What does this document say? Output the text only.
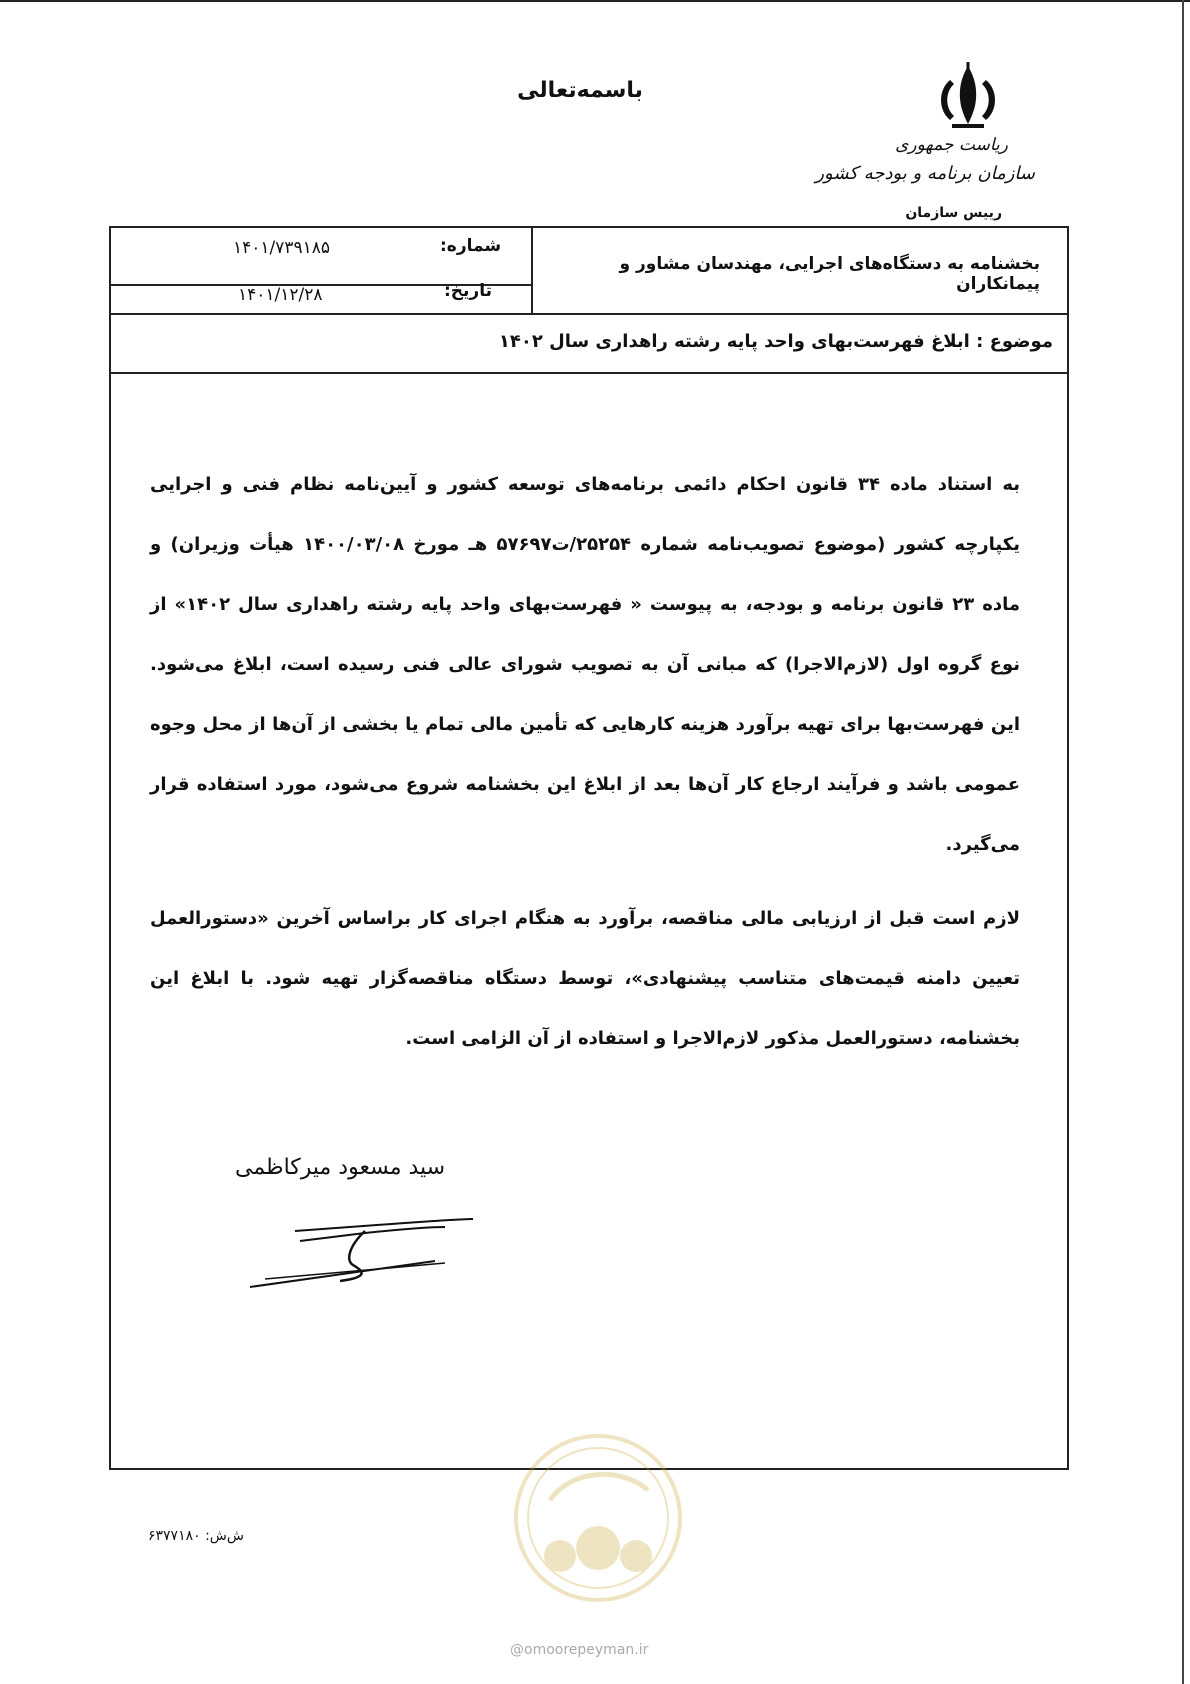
باسمه‌تعالی
ریاست جمهوری
سازمان برنامه و بودجه کشور
رییس سازمان
شماره:
۱۴۰۱/۷۳۹۱۸۵
تاریخ:
۱۴۰۱/۱۲/۲۸
بخشنامه به دستگاه‌های اجرایی، مهندسان مشاور و پیمانکاران
موضوع : ابلاغ فهرست‌بهای واحد پایه رشته راهداری سال ۱۴۰۲

به استناد ماده ۳۴ قانون احکام دائمی برنامه‌های توسعه کشور و آیین‌نامه نظام فنی و اجرایی یکپارچه کشور (موضوع تصویب‌نامه شماره ۲۵۲۵۴/ت۵۷۶۹۷ هـ مورخ ۱۴۰۰/۰۳/۰۸ هیأت وزیران) و ماده ۲۳ قانون برنامه و بودجه، به پیوست « فهرست‌بهای واحد پایه رشته راهداری سال ۱۴۰۲» از نوع گروه اول (لازم‌الاجرا) که مبانی آن به تصویب شورای عالی فنی رسیده است، ابلاغ می‌شود. این فهرست‌بها برای تهیه برآورد هزینه کارهایی که تأمین مالی تمام یا بخشی از آن‌ها از محل وجوه عمومی باشد و فرآیند ارجاع کار آن‌ها بعد از ابلاغ این بخشنامه شروع می‌شود، مورد استفاده قرار می‌گیرد.

لازم است قبل از ارزیابی مالی مناقصه، برآورد به هنگام اجرای کار براساس آخرین «دستورالعمل تعیین دامنه قیمت‌های متناسب پیشنهادی»، توسط دستگاه مناقصه‌گزار تهیه شود. با ابلاغ این بخشنامه، دستورالعمل مذکور لازم‌الاجرا و استفاده از آن الزامی است.

سید مسعود میرکاظمی
ش‌ش: ۶۳۷۷۱۸۰
@omoorepeyman.ir
